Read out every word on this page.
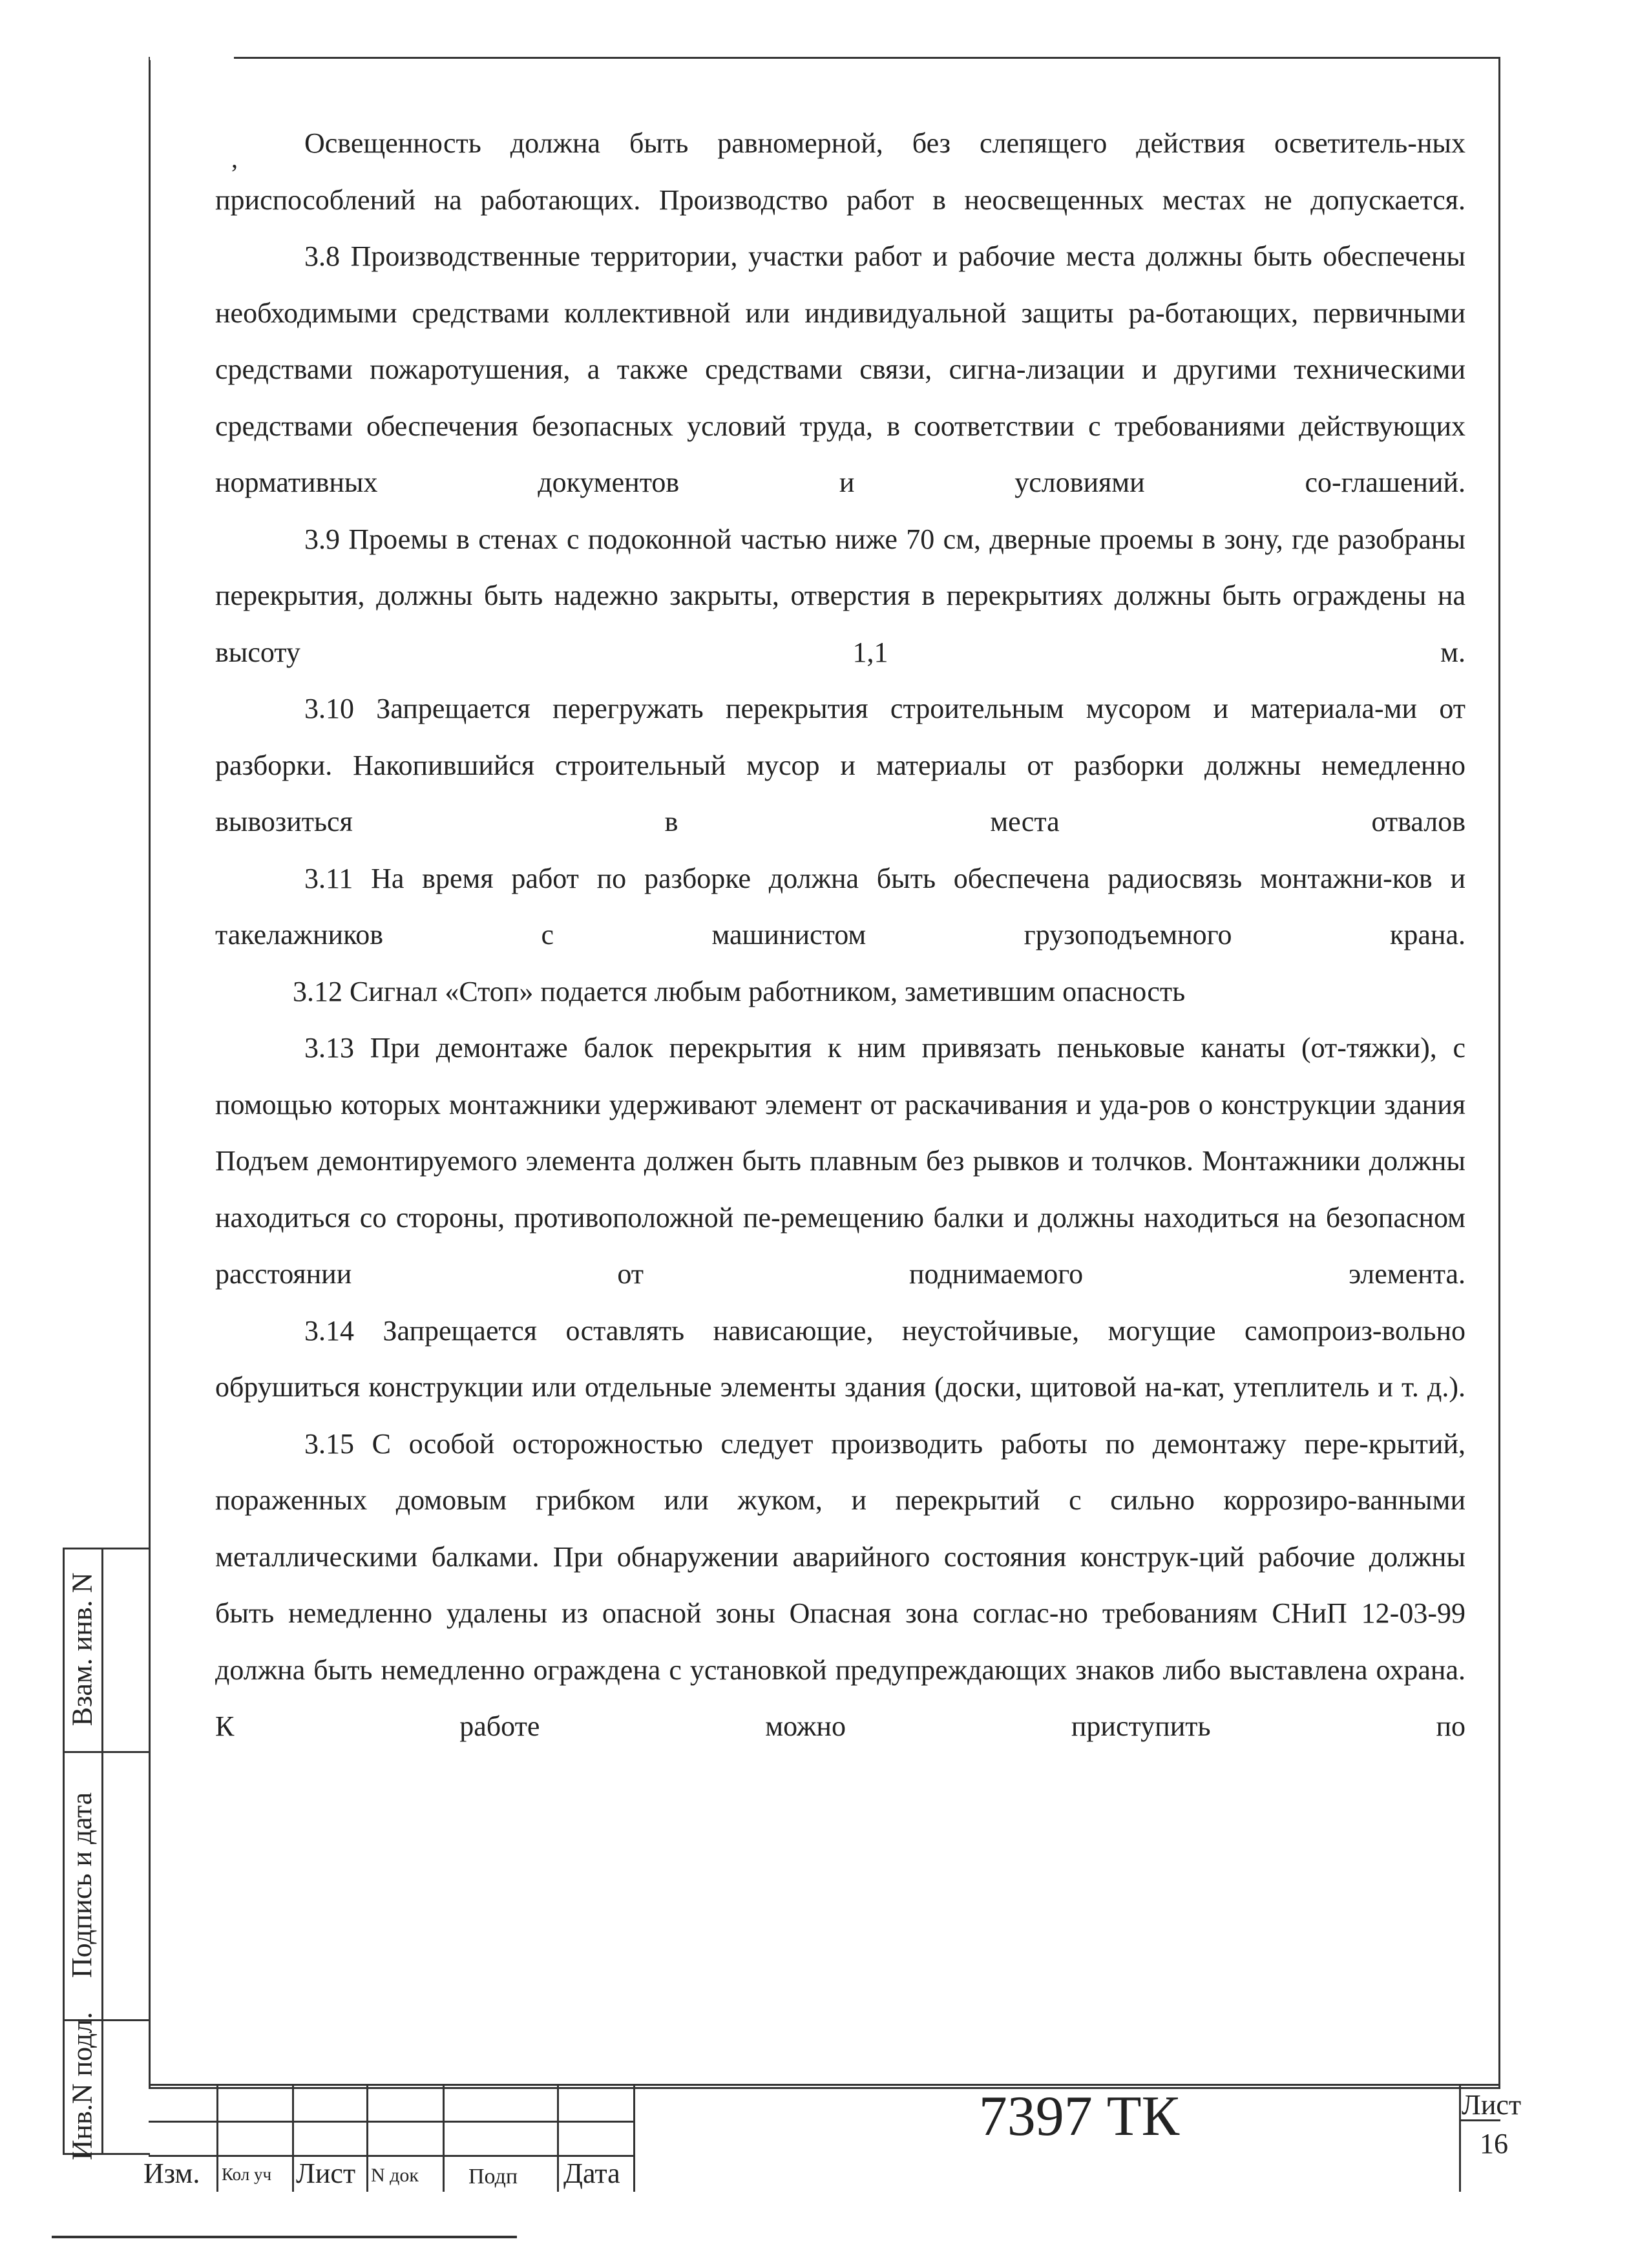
,	Освещенность должна быть равномерной, без слепящего действия осветитель-ных приспособлений на работающих. Производство работ в неосвещенных местах не допускается.

3.8 Производственные территории, участки работ и рабочие места должны быть обеспечены необходимыми средствами коллективной или индивидуальной защиты ра-ботающих, первичными средствами пожаротушения, а также средствами связи, сигна-лизации и другими техническими средствами обеспечения безопасных условий труда, в соответствии с требованиями действующих нормативных документов и условиями со-глашений.

3.9 Проемы в стенах с подоконной частью ниже 70 см, дверные проемы в зону, где разобраны перекрытия, должны быть надежно закрыты, отверстия в перекрытиях должны быть ограждены на высоту 1,1 м.

3.10 Запрещается перегружать перекрытия строительным мусором и материала-ми от разборки. Накопившийся строительный мусор и материалы от разборки должны немедленно вывозиться в места отвалов

3.11 На время работ по разборке должна быть обеспечена радиосвязь монтажни-ков и такелажников с машинистом грузоподъемного крана.

3.12 Сигнал «Стоп» подается любым работником, заметившим опасность

3.13 При демонтаже балок перекрытия к ним привязать пеньковые канаты (от-тяжки), с помощью которых монтажники удерживают элемент от раскачивания и уда-ров о конструкции здания Подъем демонтируемого элемента должен быть плавным без рывков и толчков. Монтажники должны находиться со стороны, противоположной пе-ремещению балки и должны находиться на безопасном расстоянии от поднимаемого элемента.

3.14 Запрещается оставлять нависающие, неустойчивые, могущие самопроиз-вольно обрушиться конструкции или отдельные элементы здания (доски, щитовой на-кат, утеплитель и т. д.).

3.15 С особой осторожностью следует производить работы по демонтажу пере-крытий, пораженных домовым грибком или жуком, и перекрытий с сильно коррозиро-ванными металлическими балками. При обнаружении аварийного состояния конструк-ций рабочие должны быть немедленно удалены из опасной зоны Опасная зона соглас-но требованиям СНиП 12-03-99 должна быть немедленно ограждена с установкой предупреждающих знаков либо выставлена охрана. К работе можно приступить по

Взам. инв. N
Подпись и дата
Инв.N подл.
Изм. Кол уч Лист N док Подп Дата
7397 ТК	Лист
16
